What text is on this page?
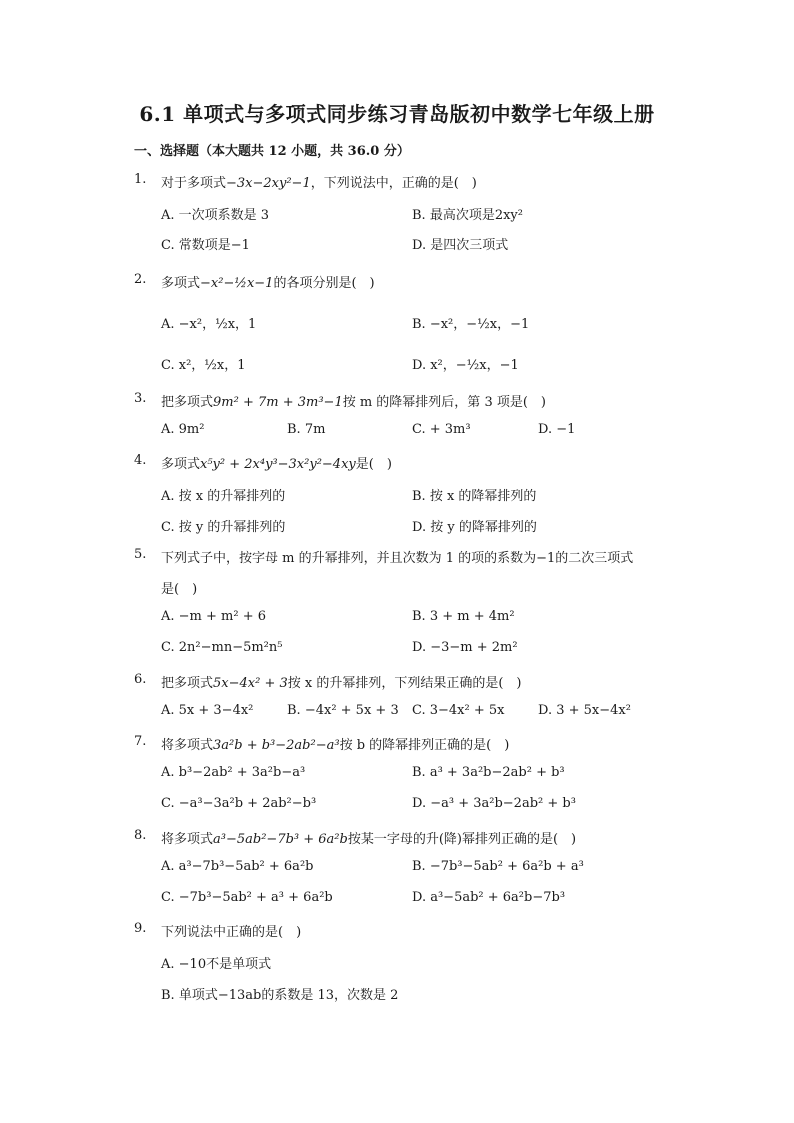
6.1 单项式与多项式同步练习青岛版初中数学七年级上册
一、选择题（本大题共 12 小题，共 36.0 分）
1. 对于多项式−3x−2xy²−1，下列说法中，正确的是(　)
A. 一次项系数是 3	B. 最高次项是2xy²
C. 常数项是−1	D. 是四次三项式
2. 多项式−x²−½x−1的各项分别是(　)
A. −x²，½x，1	B. −x²，−½x，−1
C. x²，½x，1	D. x²，−½x，−1
3. 把多项式9m² + 7m + 3m³−1按 m 的降幂排列后，第 3 项是(　)
A. 9m²	B. 7m	C. + 3m³	D. −1
4. 多项式x⁵y² + 2x⁴y³−3x²y²−4xy是(　)
A. 按 x 的升幂排列的	B. 按 x 的降幂排列的
C. 按 y 的升幂排列的	D. 按 y 的降幂排列的
5. 下列式子中，按字母 m 的升幂排列，并且次数为 1 的项的系数为−1的二次三项式
是(　)
A. −m + m² + 6	B. 3 + m + 4m²
C. 2n²−mn−5m²n⁵	D. −3−m + 2m²
6. 把多项式5x−4x² + 3按 x 的升幂排列，下列结果正确的是(　)
A. 5x + 3−4x²	B. −4x² + 5x + 3 C. 3−4x² + 5x	D. 3 + 5x−4x²
7. 将多项式3a²b + b³−2ab²−a³按 b 的降幂排列正确的是(　)
A. b³−2ab² + 3a²b−a³	B. a³ + 3a²b−2ab² + b³
C. −a³−3a²b + 2ab²−b³	D. −a³ + 3a²b−2ab² + b³
8. 将多项式a³−5ab²−7b³ + 6a²b按某一字母的升(降)幂排列正确的是(　)
A. a³−7b³−5ab² + 6a²b	B. −7b³−5ab² + 6a²b + a³
C. −7b³−5ab² + a³ + 6a²b	D. a³−5ab² + 6a²b−7b³
9. 下列说法中正确的是(　)
A. −10不是单项式
B. 单项式−13ab的系数是 13，次数是 2
